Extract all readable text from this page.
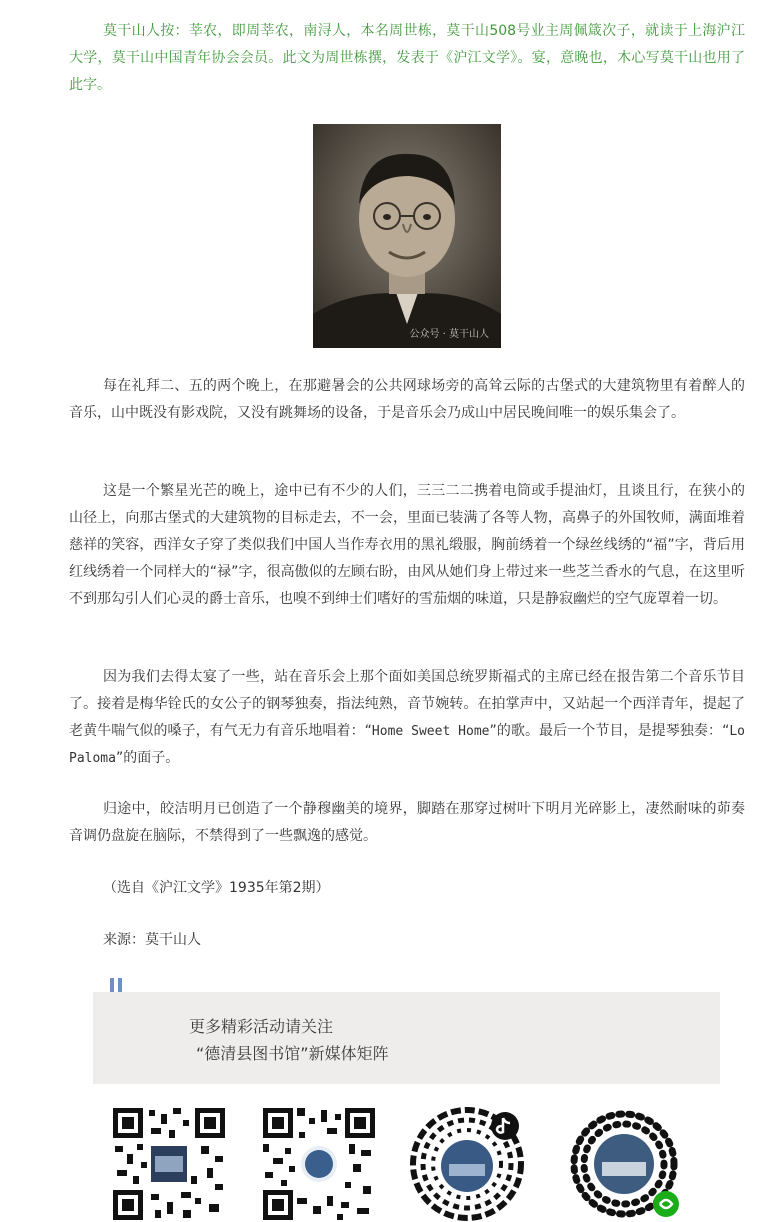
莫干山人按：莘农，即周莘农，南浔人，本名周世栋，莫干山508号业主周佩箴次子，就读于上海沪江大学，莫干山中国青年协会会员。此文为周世栋撰，发表于《沪江文学》。宴，意晚也，木心写莫干山也用了此字。

公众号 · 莫干山人

每在礼拜二、五的两个晚上，在那避暑会的公共网球场旁的高耸云际的古堡式的大建筑物里有着醉人的音乐，山中既没有影戏院，又没有跳舞场的设备，于是音乐会乃成山中居民晚间唯一的娱乐集会了。

这是一个繁星光芒的晚上，途中已有不少的人们，三三二二携着电筒或手提油灯，且谈且行，在狭小的山径上，向那古堡式的大建筑物的目标走去，不一会，里面已装满了各等人物，高鼻子的外国牧师，满面堆着慈祥的笑容，西洋女子穿了类似我们中国人当作寿衣用的黑礼缎服，胸前绣着一个绿丝线绣的“福”字，背后用红线绣着一个同样大的“禄”字，很高傲似的左顾右盼，由风从她们身上带过来一些芝兰香水的气息，在这里听不到那勾引人们心灵的爵士音乐，也嗅不到绅士们嗜好的雪茄烟的味道，只是静寂幽烂的空气庞罩着一切。

因为我们去得太宴了一些，站在音乐会上那个面如美国总统罗斯福式的主席已经在报告第二个音乐节目了。接着是梅华铨氏的女公子的钢琴独奏，指法纯熟，音节婉转。在拍掌声中，又站起一个西洋青年，提起了老黄牛喘气似的嗓子，有气无力有音乐地唱着：“Home Sweet Home”的歌。最后一个节目，是提琴独奏：“Lo Paloma”的面子。

归途中，皎洁明月已创造了一个静穆幽美的境界，脚踏在那穿过树叶下明月光碎影上，凄然耐味的茆奏音调仍盘旋在脑际，不禁得到了一些飘逸的感觉。

（选自《沪江文学》1935年第2期）
来源：莫干山人
更多精彩活动请关注
“德清县图书馆”新媒体矩阵
